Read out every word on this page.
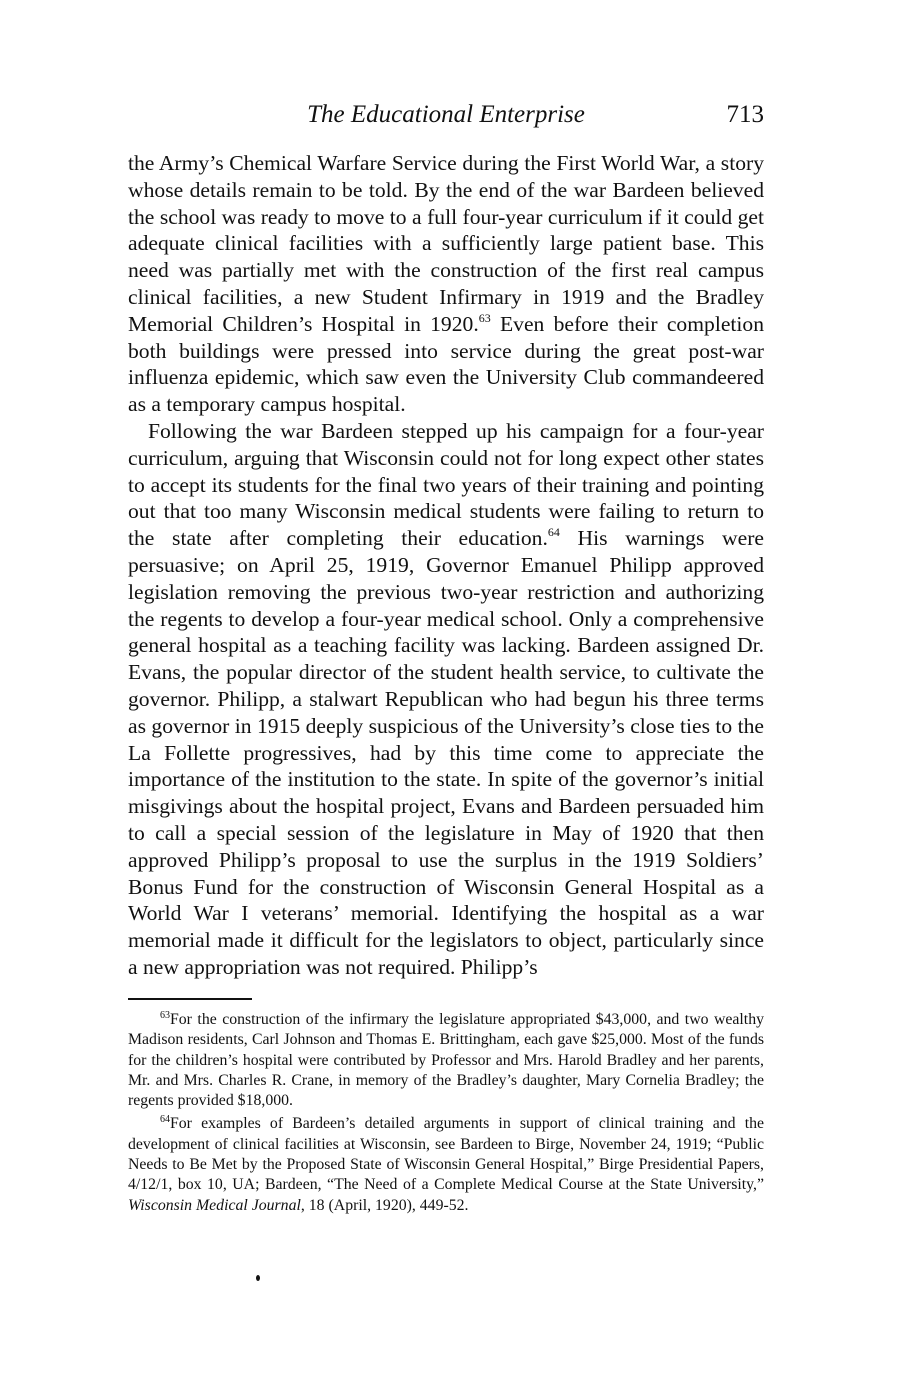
The Educational Enterprise	713

the Army’s Chemical Warfare Service during the First World War, a story whose details remain to be told. By the end of the war Bardeen believed the school was ready to move to a full four-year curriculum if it could get adequate clinical facilities with a sufficiently large patient base. This need was partially met with the construction of the first real campus clinical facilities, a new Student Infirmary in 1919 and the Bradley Memorial Children’s Hospital in 1920.63 Even before their completion both buildings were pressed into service during the great post-war influenza epidemic, which saw even the University Club commandeered as a temporary campus hospital.

Following the war Bardeen stepped up his campaign for a four-year curriculum, arguing that Wisconsin could not for long expect other states to accept its students for the final two years of their training and pointing out that too many Wisconsin medical students were failing to return to the state after completing their education.$^{64}$ His warnings were persuasive; on April 25, 1919, Governor Emanuel Philipp approved legislation removing the previous two-year restriction and authorizing the regents to develop a four-year medical school. Only a comprehensive general hospital as a teaching facility was lacking. Bardeen assigned Dr. Evans, the popular director of the student health service, to cultivate the governor. Philipp, a stalwart Republican who had begun his three terms as governor in 1915 deeply suspicious of the University’s close ties to the La Follette progressives, had by this time come to appreciate the importance of the institution to the state. In spite of the governor’s initial misgivings about the hospital project, Evans and Bardeen persuaded him to call a special session of the legislature in May of 1920 that then approved Philipp’s proposal to use the surplus in the 1919 Soldiers’ Bonus Fund for the construction of Wisconsin General Hospital as a World War I veterans’ memorial. Identifying the hospital as a war memorial made it difficult for the legislators to object, particularly since a new appropriation was not required. Philipp’s

$^{63}$For the construction of the infirmary the legislature appropriated $43,000, and two wealthy Madison residents, Carl Johnson and Thomas E. Brittingham, each gave $25,000. Most of the funds for the children’s hospital were contributed by Professor and Mrs. Harold Bradley and her parents, Mr. and Mrs. Charles R. Crane, in memory of the Bradley’s daughter, Mary Cornelia Bradley; the regents provided $18,000.

$^{64}$For examples of Bardeen’s detailed arguments in support of clinical training and the development of clinical facilities at Wisconsin, see Bardeen to Birge, November 24, 1919; “Public Needs to Be Met by the Proposed State of Wisconsin General Hospital,” Birge Presidential Papers, 4/12/1, box 10, UA; Bardeen, “The Need of a Complete Medical Course at the State University,” Wisconsin Medical Journal, 18 (April, 1920), 449-52.
